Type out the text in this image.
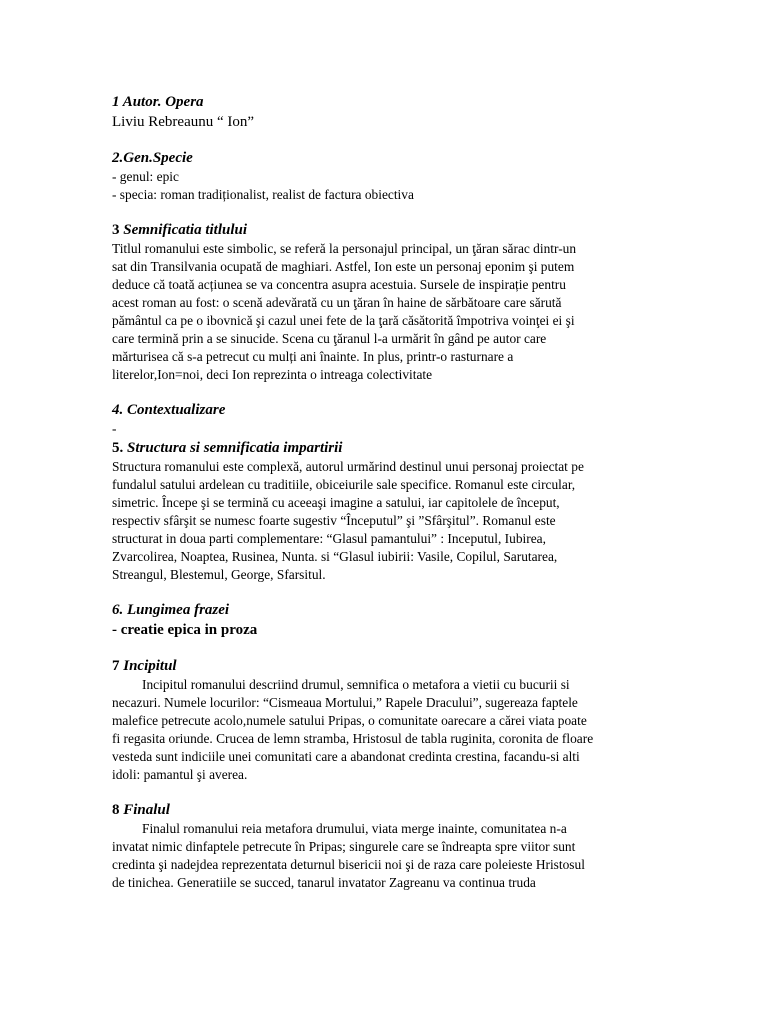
1 Autor. Opera
Liviu Rebreaunu “ Ion”
2.Gen.Specie
- genul: epic
- specia: roman tradiționalist, realist de factura obiectiva
3 Semnificatia titlului
Titlul romanului este simbolic, se referă la personajul principal, un ţăran sărac dintr-un
sat din Transilvania ocupată de maghiari. Astfel, Ion este un personaj eponim şi putem
deduce că toată acțiunea se va concentra asupra acestuia. Sursele de inspirație pentru
acest roman au fost: o scenă adevărată cu un ţăran în haine de sărbătoare care sărută
pământul ca pe o ibovnică şi cazul unei fete de la ţară căsătorită împotriva voinţei ei şi
care termină prin a se sinucide. Scena cu ţăranul l-a urmărit în gând pe autor care
mărturisea că s-a petrecut cu mulți ani înainte. In plus, printr-o rasturnare a
literelor,Ion=noi, deci Ion reprezinta o intreaga colectivitate
4. Contextualizare
-
5. Structura si semnificatia impartirii
Structura romanului este complexă, autorul urmărind destinul unui personaj proiectat pe
fundalul satului ardelean cu traditiile, obiceiurile sale specifice. Romanul este circular,
simetric. Începe şi se termină cu aceeaşi imagine a satului, iar capitolele de început,
respectiv sfârşit se numesc foarte sugestiv “Începutul” şi ”Sfârşitul”. Romanul este
structurat in doua parti complementare: “Glasul pamantului” : Inceputul, Iubirea,
Zvarcolirea, Noaptea, Rusinea, Nunta. si “Glasul iubirii: Vasile, Copilul, Sarutarea,
Streangul, Blestemul, George, Sfarsitul.
6. Lungimea frazei
- creatie epica in proza
7 Incipitul
Incipitul romanului descriind drumul, semnifica o metafora a vietii cu bucurii si
necazuri. Numele locurilor: “Cismeaua Mortului,” Rapele Dracului”, sugereaza faptele
malefice petrecute acolo,numele satului Pripas, o comunitate oarecare a cărei viata poate
fi regasita oriunde. Crucea de lemn stramba, Hristosul de tabla ruginita, coronita de floare
vesteda sunt indiciile unei comunitati care a abandonat credinta crestina, facandu-si alti
idoli: pamantul şi averea.
8 Finalul
Finalul romanului reia metafora drumului, viata merge inainte, comunitatea n-a
invatat nimic dinfaptele petrecute în Pripas; singurele care se îndreapta spre viitor sunt
credinta şi nadejdea reprezentata deturnul bisericii noi şi de raza care poleieste Hristosul
de tinichea. Generatiile se succed, tanarul invatator Zagreanu va continua truda
